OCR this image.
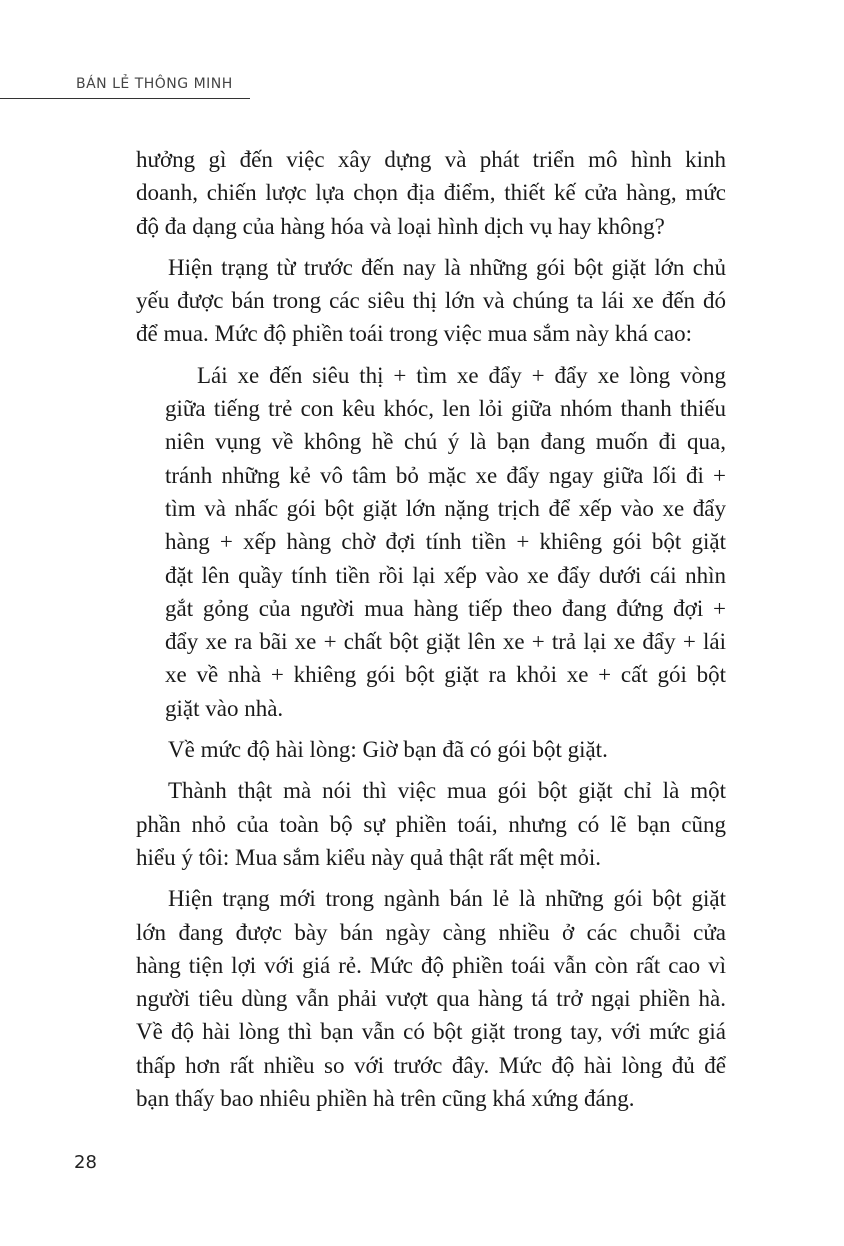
BÁN LẺ THÔNG MINH
hưởng gì đến việc xây dựng và phát triển mô hình kinh
doanh, chiến lược lựa chọn địa điểm, thiết kế cửa hàng, mức
độ đa dạng của hàng hóa và loại hình dịch vụ hay không?
Hiện trạng từ trước đến nay là những gói bột giặt lớn chủ
yếu được bán trong các siêu thị lớn và chúng ta lái xe đến đó
để mua. Mức độ phiền toái trong việc mua sắm này khá cao:
Lái xe đến siêu thị + tìm xe đẩy + đẩy xe lòng vòng
giữa tiếng trẻ con kêu khóc, len lỏi giữa nhóm thanh thiếu
niên vụng về không hề chú ý là bạn đang muốn đi qua,
tránh những kẻ vô tâm bỏ mặc xe đẩy ngay giữa lối đi +
tìm và nhấc gói bột giặt lớn nặng trịch để xếp vào xe đẩy
hàng + xếp hàng chờ đợi tính tiền + khiêng gói bột giặt
đặt lên quầy tính tiền rồi lại xếp vào xe đẩy dưới cái nhìn
gắt gỏng của người mua hàng tiếp theo đang đứng đợi +
đẩy xe ra bãi xe + chất bột giặt lên xe + trả lại xe đẩy + lái
xe về nhà + khiêng gói bột giặt ra khỏi xe + cất gói bột
giặt vào nhà.
Về mức độ hài lòng: Giờ bạn đã có gói bột giặt.
Thành thật mà nói thì việc mua gói bột giặt chỉ là một
phần nhỏ của toàn bộ sự phiền toái, nhưng có lẽ bạn cũng
hiểu ý tôi: Mua sắm kiểu này quả thật rất mệt mỏi.
Hiện trạng mới trong ngành bán lẻ là những gói bột giặt
lớn đang được bày bán ngày càng nhiều ở các chuỗi cửa
hàng tiện lợi với giá rẻ. Mức độ phiền toái vẫn còn rất cao vì
người tiêu dùng vẫn phải vượt qua hàng tá trở ngại phiền hà.
Về độ hài lòng thì bạn vẫn có bột giặt trong tay, với mức giá
thấp hơn rất nhiều so với trước đây. Mức độ hài lòng đủ để
bạn thấy bao nhiêu phiền hà trên cũng khá xứng đáng.
28
